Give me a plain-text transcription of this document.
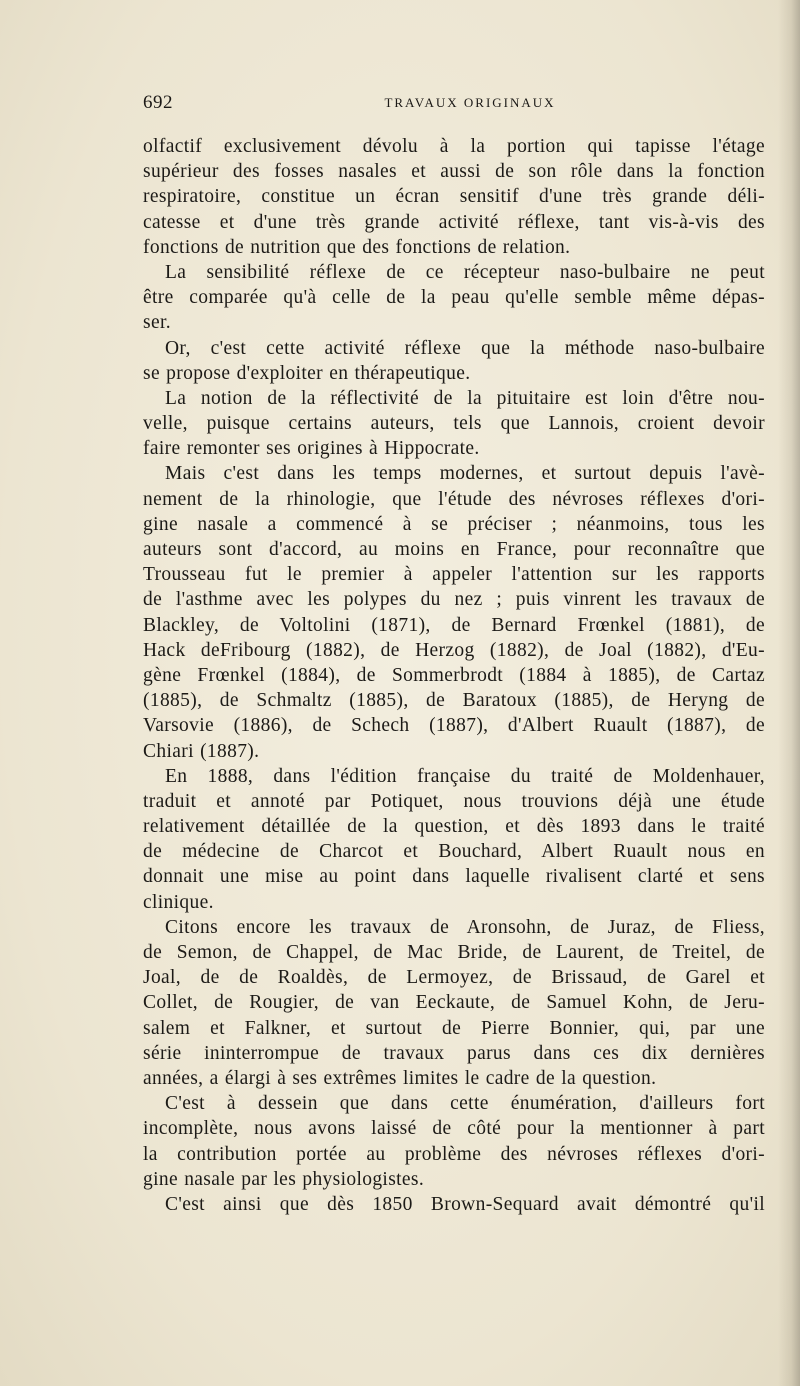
692	TRAVAUX ORIGINAUX
olfactif exclusivement dévolu à la portion qui tapisse l'étage
supérieur des fosses nasales et aussi de son rôle dans la fonction
respiratoire, constitue un écran sensitif d'une très grande déli-
catesse et d'une très grande activité réflexe, tant vis-à-vis des
fonctions de nutrition que des fonctions de relation.
La sensibilité réflexe de ce récepteur naso-bulbaire ne peut
être comparée qu'à celle de la peau qu'elle semble même dépas-
ser.
Or, c'est cette activité réflexe que la méthode naso-bulbaire
se propose d'exploiter en thérapeutique.
La notion de la réflectivité de la pituitaire est loin d'être nou-
velle, puisque certains auteurs, tels que Lannois, croient devoir
faire remonter ses origines à Hippocrate.
Mais c'est dans les temps modernes, et surtout depuis l'avè-
nement de la rhinologie, que l'étude des névroses réflexes d'ori-
gine nasale a commencé à se préciser ; néanmoins, tous les
auteurs sont d'accord, au moins en France, pour reconnaître que
Trousseau fut le premier à appeler l'attention sur les rapports
de l'asthme avec les polypes du nez ; puis vinrent les travaux de
Blackley, de Voltolini (1871), de Bernard Frœnkel (1881), de
Hack deFribourg (1882), de Herzog (1882), de Joal (1882), d'Eu-
gène Frœnkel (1884), de Sommerbrodt (1884 à 1885), de Cartaz
(1885), de Schmaltz (1885), de Baratoux (1885), de Heryng de
Varsovie (1886), de Schech (1887), d'Albert Ruault (1887), de
Chiari (1887).
En 1888, dans l'édition française du traité de Moldenhauer,
traduit et annoté par Potiquet, nous trouvions déjà une étude
relativement détaillée de la question, et dès 1893 dans le traité
de médecine de Charcot et Bouchard, Albert Ruault nous en
donnait une mise au point dans laquelle rivalisent clarté et sens
clinique.
Citons encore les travaux de Aronsohn, de Juraz, de Fliess,
de Semon, de Chappel, de Mac Bride, de Laurent, de Treitel, de
Joal, de de Roaldès, de Lermoyez, de Brissaud, de Garel et
Collet, de Rougier, de van Eeckaute, de Samuel Kohn, de Jeru-
salem et Falkner, et surtout de Pierre Bonnier, qui, par une
série ininterrompue de travaux parus dans ces dix dernières
années, a élargi à ses extrêmes limites le cadre de la question.
C'est à dessein que dans cette énumération, d'ailleurs fort
incomplète, nous avons laissé de côté pour la mentionner à part
la contribution portée au problème des névroses réflexes d'ori-
gine nasale par les physiologistes.
C'est ainsi que dès 1850 Brown-Sequard avait démontré qu'il
